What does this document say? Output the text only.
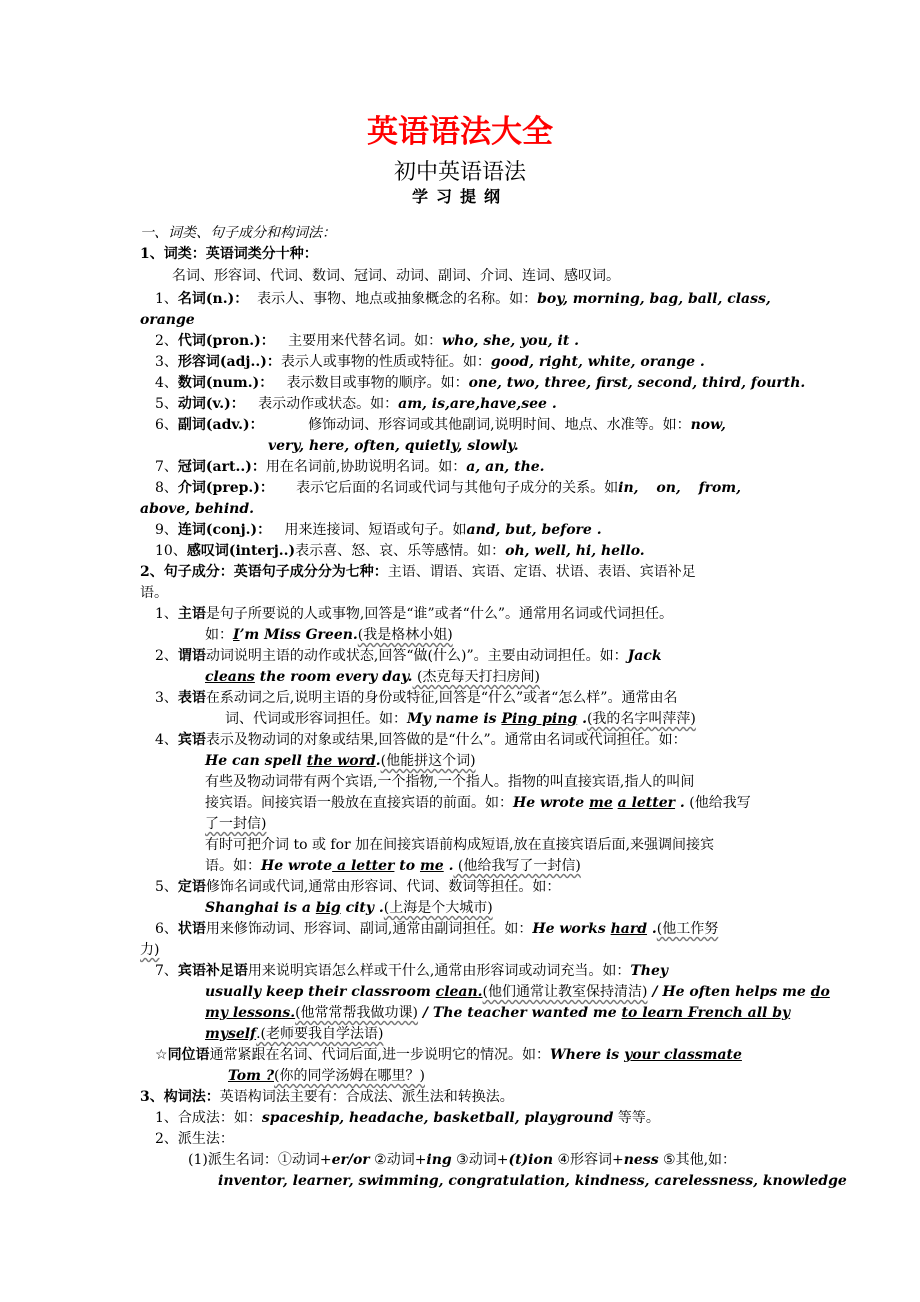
英语语法大全
初中英语语法
学习提纲
一、词类、句子成分和构词法：
1、词类：英语词类分十种：
名词、形容词、代词、数词、冠词、动词、副词、介词、连词、感叹词。
1、名词(n.)： 表示人、事物、地点或抽象概念的名称。如：boy, morning, bag, ball, class,
orange
2、代词(pron.)： 主要用来代替名词。如：who, she, you, it .
3、形容词(adj..)：表示人或事物的性质或特征。如：good, right, white, orange .
4、数词(num.)： 表示数目或事物的顺序。如：one, two, three, first, second, third, fourth.
5、动词(v.)： 表示动作或状态。如：am, is,are,have,see .
6、副词(adv.)：	修饰动词、形容词或其他副词,说明时间、地点、水准等。如：now,
very, here, often, quietly, slowly.
7、冠词(art..)：用在名词前,协助说明名词。如：a, an, the.
8、介词(prep.)： 表示它后面的名词或代词与其他句子成分的关系。如in, on, from,
above, behind.
9、连词(conj.)： 用来连接词、短语或句子。如and, but, before .
10、感叹词(interj..)表示喜、怒、哀、乐等感情。如：oh, well, hi, hello.
2、句子成分：英语句子成分分为七种：主语、谓语、宾语、定语、状语、表语、宾语补足
语。
1、主语是句子所要说的人或事物,回答是“谁”或者“什么”。通常用名词或代词担任。
如：I’m Miss Green.(我是格林小姐)
2、谓语动词说明主语的动作或状态,回答“做(什么)”。主要由动词担任。如：Jack
cleans the room every day. (杰克每天打扫房间)
3、表语在系动词之后,说明主语的身份或特征,回答是“什么”或者“怎么样”。通常由名
词、代词或形容词担任。如：My name is Ping ping .(我的名字叫萍萍)
4、宾语表示及物动词的对象或结果,回答做的是“什么”。通常由名词或代词担任。如：
He can spell the word.(他能拼这个词)
有些及物动词带有两个宾语,一个指物,一个指人。指物的叫直接宾语,指人的叫间
接宾语。间接宾语一般放在直接宾语的前面。如：He wrote me a letter . (他给我写
了一封信)
有时可把介词 to 或 for 加在间接宾语前构成短语,放在直接宾语后面,来强调间接宾
语。如：He wrote a letter to me . (他给我写了一封信)
5、定语修饰名词或代词,通常由形容词、代词、数词等担任。如：
Shanghai is a big city .(上海是个大城市)
6、状语用来修饰动词、形容词、副词,通常由副词担任。如：He works hard .(他工作努
力)
7、宾语补足语用来说明宾语怎么样或干什么,通常由形容词或动词充当。如：They
usually keep their classroom clean.(他们通常让教室保持清洁) / He often helps me do
my lessons.(他常常帮我做功课) / The teacher wanted me to learn French all by
myself.(老师要我自学法语)
☆同位语通常紧跟在名词、代词后面,进一步说明它的情况。如：Where is your classmate
Tom ?(你的同学汤姆在哪里？)
3、构词法：英语构词法主要有：合成法、派生法和转换法。
1、合成法：如：spaceship, headache, basketball, playground 等等。
2、派生法：
(1)派生名词：①动词+er/or ②动词+ing ③动词+(t)ion ④形容词+ness ⑤其他,如：
inventor, learner, swimming, congratulation, kindness, carelessness, knowledge
